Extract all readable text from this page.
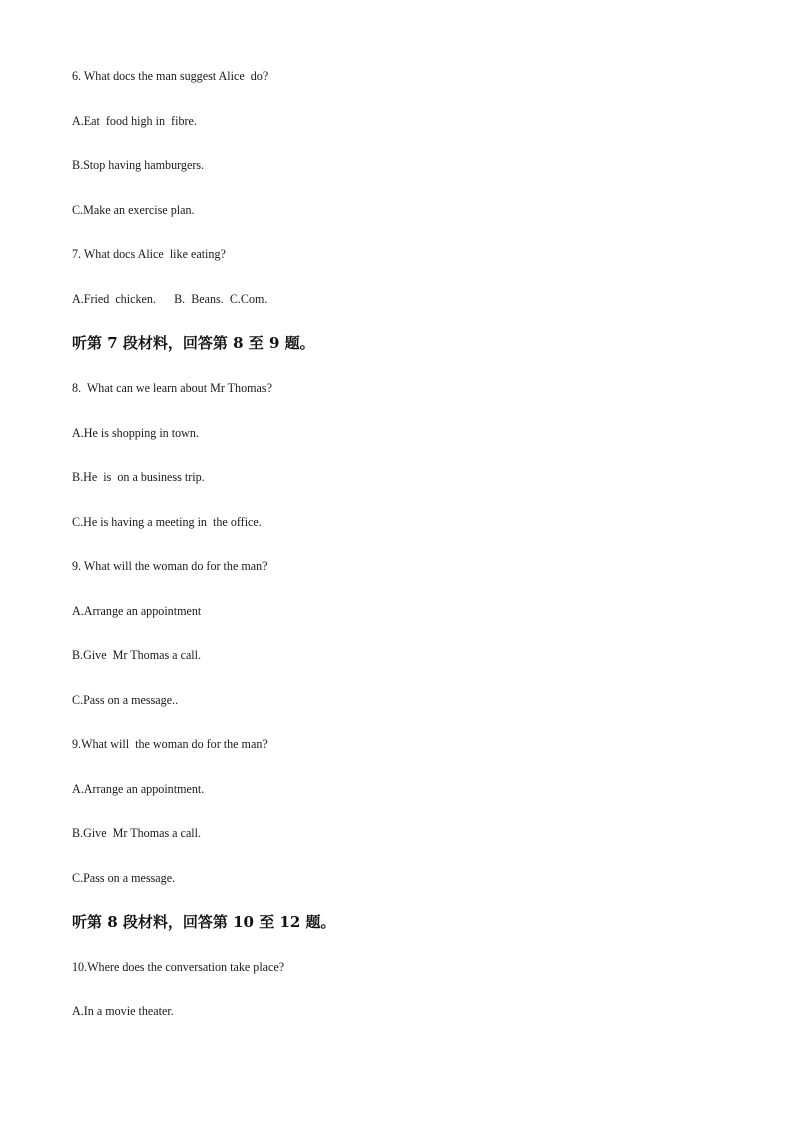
6. What docs the man suggest Alice  do?
A.Eat  food high in  fibre.
B.Stop having hamburgers.
C.Make an exercise plan.
7. What docs Alice  like eating?
A.Fried  chicken.      B.  Beans.  C.Com.
听第 7 段材料，回答第 8 至 9 题。
8.  What can we learn about Mr Thomas?
A.He is shopping in town.
B.He  is  on a business trip.
C.He is having a meeting in  the office.
9. What will the woman do for the man?
A.Arrange an appointment
B.Give  Mr Thomas a call.
C.Pass on a message..
9.What will  the woman do for the man?
A.Arrange an appointment.
B.Give  Mr Thomas a call.
C.Pass on a message.
听第 8 段材料，回答第 10 至 12 题。
10.Where does the conversation take place?
A.In a movie theater.
